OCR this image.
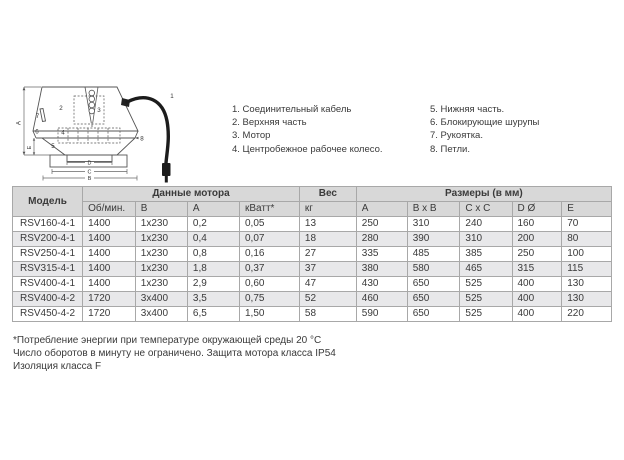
1
2	3
4
5
6
7
8
A
E
D
C
B
1. Соединительный кабель
2. Верхняя часть
3. Мотор
4. Центробежное рабочее колесо.
5. Нижняя часть.
6. Блокирующие шурупы
7. Рукоятка.
8. Петли.
Модель	Данные мотора				Вес	Размеры (в мм)				
	Об/мин.	В	А	кВатт*	кг	A	B x B	C x C	D Ø	E
RSV160-4-1	1400	1x230	0,2	0,05	13	250	310	240	160	70
RSV200-4-1	1400	1x230	0,4	0,07	18	280	390	310	200	80
RSV250-4-1	1400	1x230	0,8	0,16	27	335	485	385	250	100
RSV315-4-1	1400	1x230	1,8	0,37	37	380	580	465	315	115
RSV400-4-1	1400	1x230	2,9	0,60	47	430	650	525	400	130
RSV400-4-2	1720	3x400	3,5	0,75	52	460	650	525	400	130
RSV450-4-2	1720	3x400	6,5	1,50	58	590	650	525	400	220

*Потребление энергии при температуре окружающей среды 20 °C

Число оборотов в минуту не ограничено. Защита мотора класса IP54

Изоляция класса F
